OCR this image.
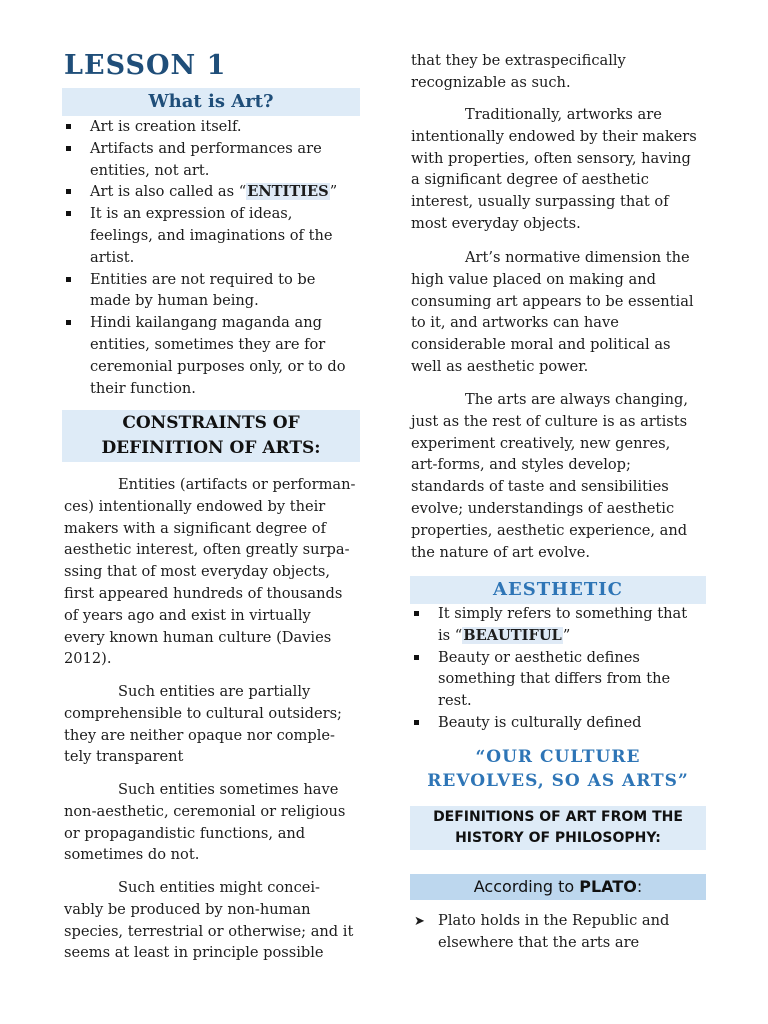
LESSON 1
What is Art?
Art is creation itself.
Artifacts and performances are
entities, not art.
Art is also called as “ENTITIES”
It is an expression of ideas,
feelings, and imaginations of the
artist.
Entities are not required to be
made by human being.
Hindi kailangang maganda ang
entities, sometimes they are for
ceremonial purposes only, or to do
their function.
CONSTRAINTS OF
DEFINITION OF ARTS:

Entities (artifacts or performan-
ces) intentionally endowed by their
makers with a significant degree of
aesthetic interest, often greatly surpa-
ssing that of most everyday objects,
first appeared hundreds of thousands
of years ago and exist in virtually
every known human culture (Davies
2012).

Such entities are partially
comprehensible to cultural outsiders;
they are neither opaque nor comple-
tely transparent

Such entities sometimes have
non-aesthetic, ceremonial or religious
or propagandistic functions, and
sometimes do not.

Such entities might concei-
vably be produced by non-human
species, terrestrial or otherwise; and it
seems at least in principle possible

that they be extraspecifically
recognizable as such.

Traditionally, artworks are
intentionally endowed by their makers
with properties, often sensory, having
a significant degree of aesthetic
interest, usually surpassing that of
most everyday objects.

Art’s normative dimension the
high value placed on making and
consuming art appears to be essential
to it, and artworks can have
considerable moral and political as
well as aesthetic power.

The arts are always changing,
just as the rest of culture is as artists
experiment creatively, new genres,
art-forms, and styles develop;
standards of taste and sensibilities
evolve; understandings of aesthetic
properties, aesthetic experience, and
the nature of art evolve.

AESTHETIC
It simply refers to something that
is “BEAUTIFUL”
Beauty or aesthetic defines
something that differs from the
rest.
Beauty is culturally defined
“OUR CULTURE
REVOLVES, SO AS ARTS”
DEFINITIONS OF ART FROM THE
HISTORY OF PHILOSOPHY:
According to PLATO:
➤ Plato holds in the Republic and
elsewhere that the arts are
